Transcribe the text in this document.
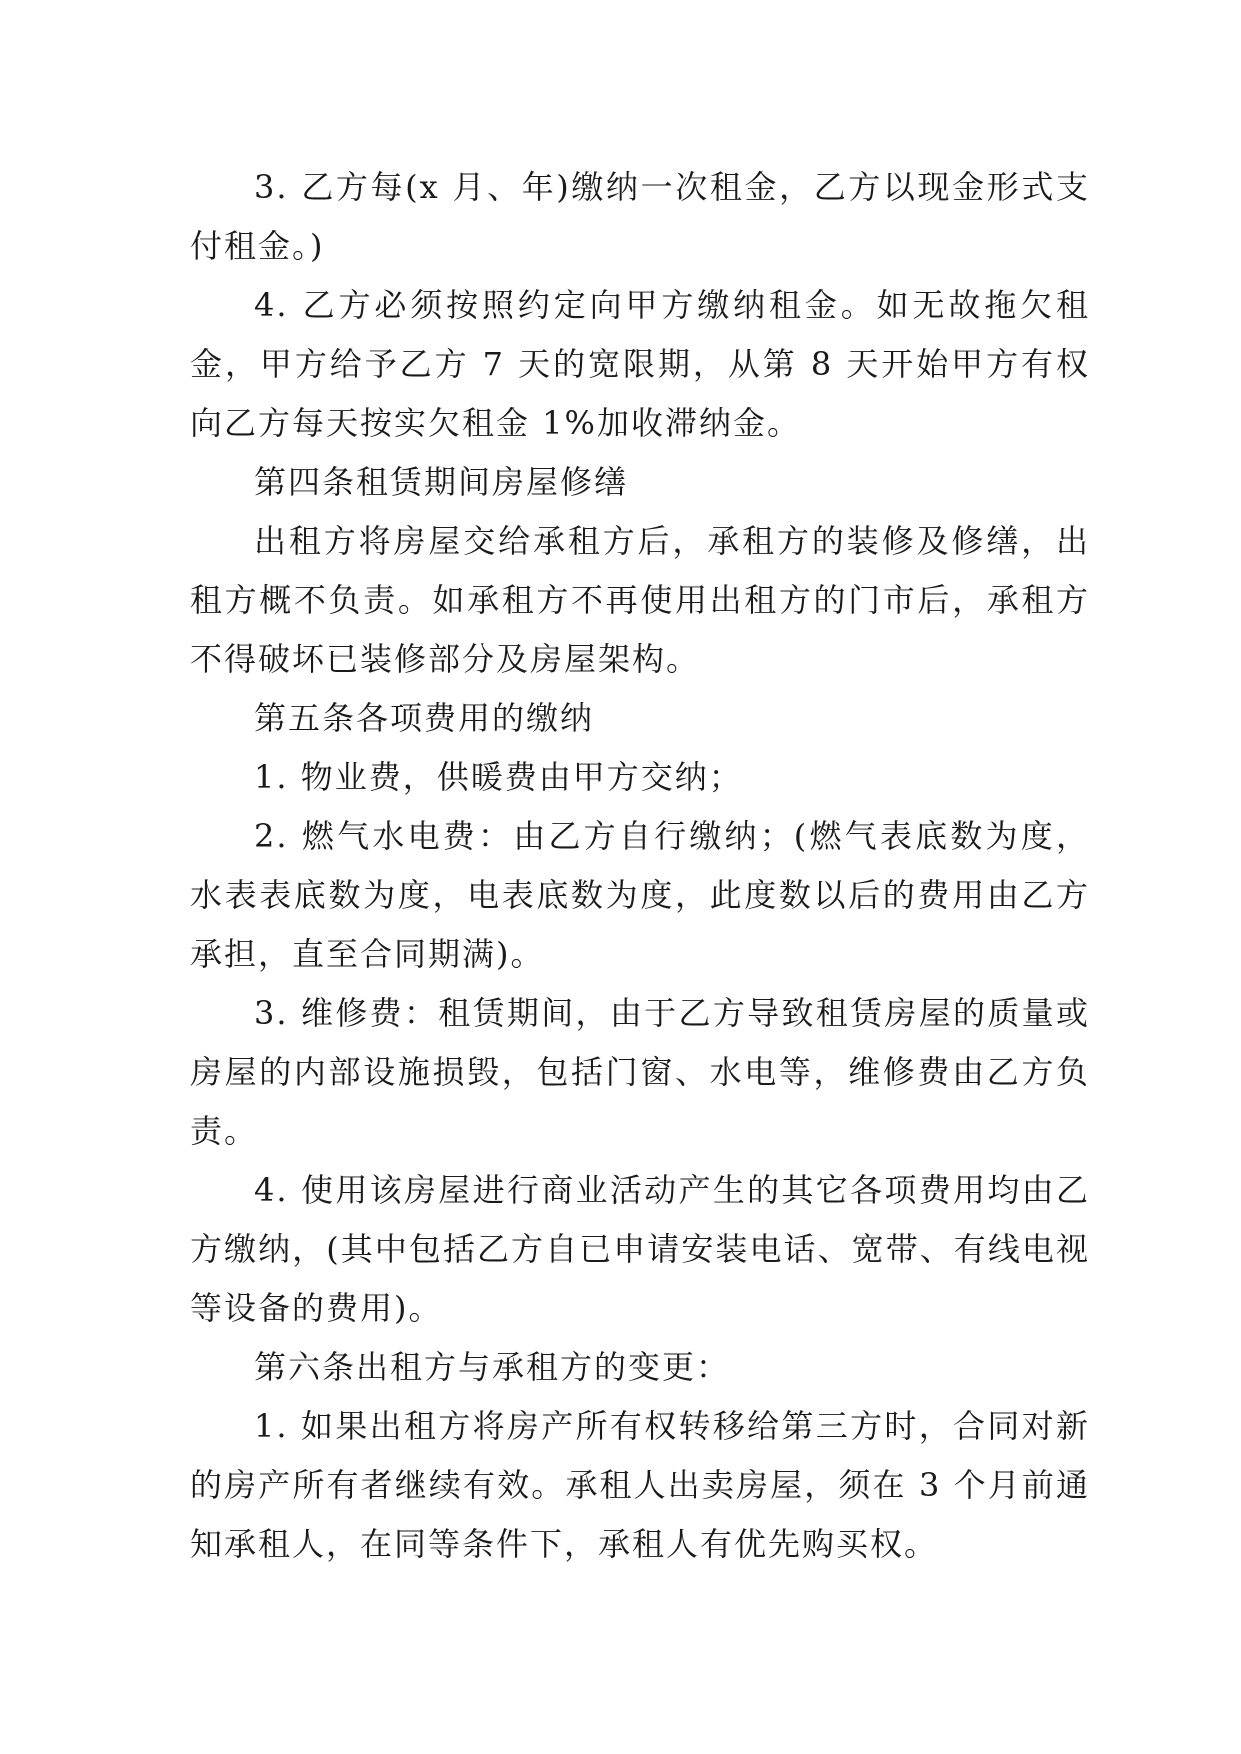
3. 乙方每(x 月、年)缴纳一次租金，乙方以现金形式支付租金。)

4. 乙方必须按照约定向甲方缴纳租金。如无故拖欠租金，甲方给予乙方 7 天的宽限期，从第 8 天开始甲方有权向乙方每天按实欠租金 1%加收滞纳金。

第四条租赁期间房屋修缮

出租方将房屋交给承租方后，承租方的装修及修缮，出租方概不负责。如承租方不再使用出租方的门市后，承租方不得破坏已装修部分及房屋架构。

第五条各项费用的缴纳

1. 物业费，供暖费由甲方交纳；

2. 燃气水电费：由乙方自行缴纳；(燃气表底数为度，水表表底数为度，电表底数为度，此度数以后的费用由乙方承担，直至合同期满)。

3. 维修费：租赁期间，由于乙方导致租赁房屋的质量或房屋的内部设施损毁，包括门窗、水电等，维修费由乙方负责。

4. 使用该房屋进行商业活动产生的其它各项费用均由乙方缴纳，(其中包括乙方自已申请安装电话、宽带、有线电视等设备的费用)。

第六条出租方与承租方的变更：

1. 如果出租方将房产所有权转移给第三方时，合同对新的房产所有者继续有效。承租人出卖房屋，须在 3 个月前通知承租人，在同等条件下，承租人有优先购买权。
